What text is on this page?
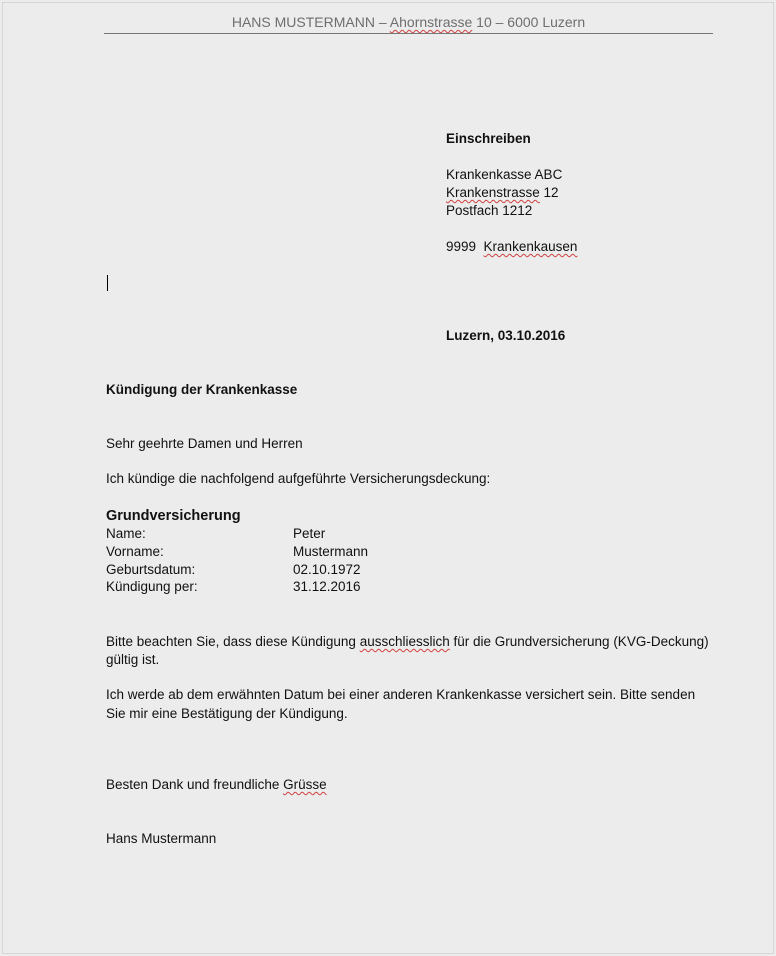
HANS MUSTERMANN – Ahornstrasse 10 – 6000 Luzern
Einschreiben
Krankenkasse ABC
Krankenstrasse 12
Postfach 1212
9999  Krankenkausen
Luzern, 03.10.2016
Kündigung der Krankenkasse
Sehr geehrte Damen und Herren
Ich kündige die nachfolgend aufgeführte Versicherungsdeckung:
Grundversicherung
Name:	Peter
Vorname:	Mustermann
Geburtsdatum:	02.10.1972
Kündigung per:	31.12.2016
Bitte beachten Sie, dass diese Kündigung ausschliesslich für die Grundversicherung (KVG-Deckung)
gültig ist.
Ich werde ab dem erwähnten Datum bei einer anderen Krankenkasse versichert sein. Bitte senden
Sie mir eine Bestätigung der Kündigung.
Besten Dank und freundliche Grüsse
Hans Mustermann
